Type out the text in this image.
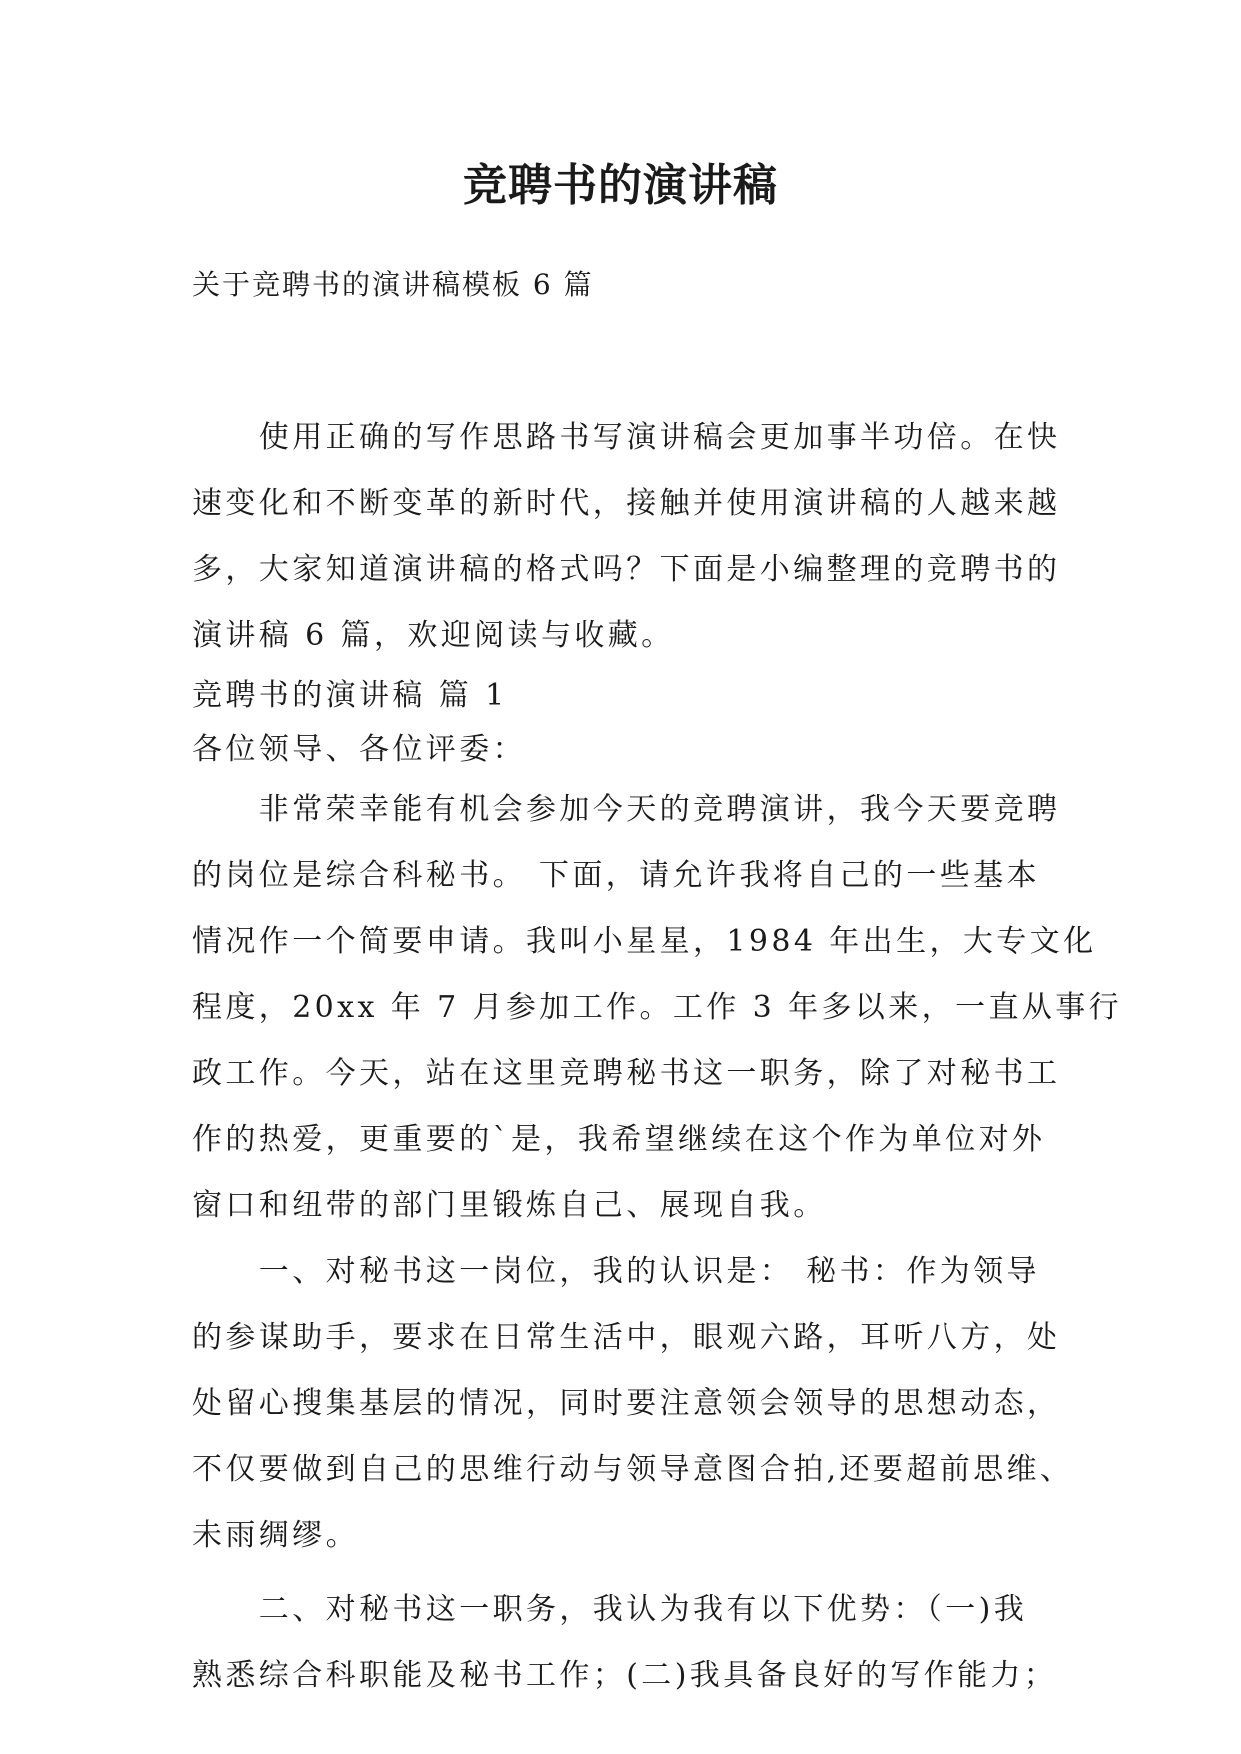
竞聘书的演讲稿
关于竞聘书的演讲稿模板 6 篇
　　使用正确的写作思路书写演讲稿会更加事半功倍。在快
速变化和不断变革的新时代，接触并使用演讲稿的人越来越
多，大家知道演讲稿的格式吗？下面是小编整理的竞聘书的
演讲稿 6 篇，欢迎阅读与收藏。
竞聘书的演讲稿 篇 1
各位领导、各位评委：
　　非常荣幸能有机会参加今天的竞聘演讲，我今天要竞聘
的岗位是综合科秘书。 下面，请允许我将自己的一些基本
情况作一个简要申请。我叫小星星，1984 年出生，大专文化
程度，20xx 年 7 月参加工作。工作 3 年多以来，一直从事行
政工作。今天，站在这里竞聘秘书这一职务，除了对秘书工
作的热爱，更重要的`是，我希望继续在这个作为单位对外
窗口和纽带的部门里锻炼自己、展现自我。
　　一、对秘书这一岗位，我的认识是： 秘书：作为领导
的参谋助手，要求在日常生活中，眼观六路，耳听八方，处
处留心搜集基层的情况，同时要注意领会领导的思想动态，
不仅要做到自己的思维行动与领导意图合拍,还要超前思维、
未雨绸缪。
　　二、对秘书这一职务，我认为我有以下优势：（一)我
熟悉综合科职能及秘书工作；(二)我具备良好的写作能力；
